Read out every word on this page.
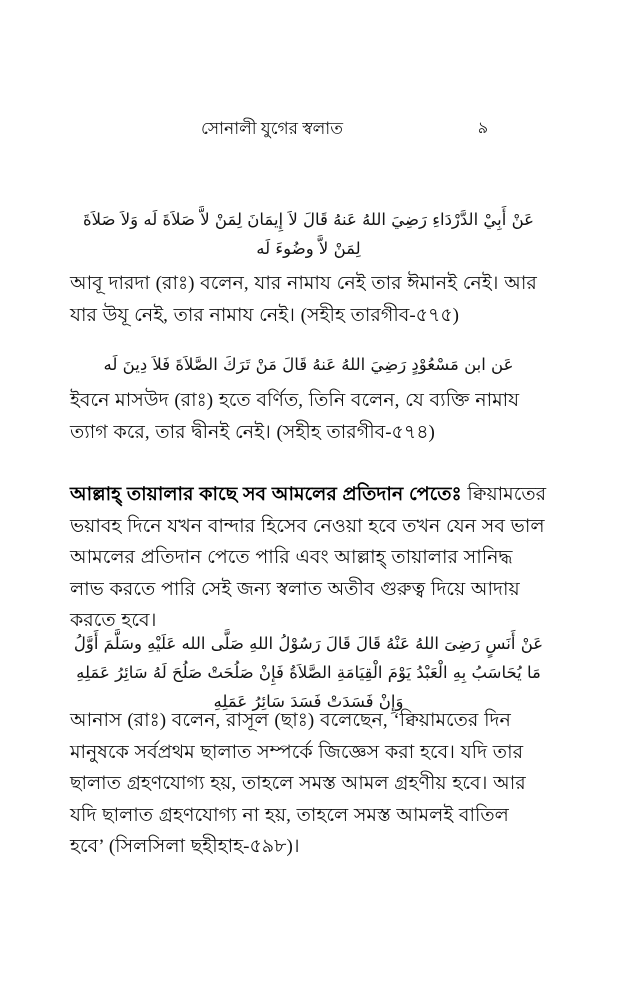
সোনালী যুগের স্বলাত	৯
عَنْ أَبِيْ الدَّرْدَاءِ رَضِيَ اللهُ عَنهُ قَالَ لاَ إِيمَانَ لِمَنْ لاَّ صَلاَةَ لَه وَلاَ صَلاَةَ لِمَنْ لاَّ وضُوءَ لَه
আবূ দারদা (রাঃ) বলেন, যার নামায নেই তার ঈমানই নেই। আর যার উযূ নেই, তার নামায নেই। (সহীহ তারগীব-৫৭৫)
عَن ابن مَسْعُوْدٍ رَضِيَ اللهُ عَنهُ قَالَ مَنْ تَرَكَ الصَّلاَةَ فَلاَ دِينَ لَه
ইবনে মাসউদ (রাঃ) হতে বর্ণিত, তিনি বলেন, যে ব্যক্তি নামায ত্যাগ করে, তার দ্বীনই নেই। (সহীহ তারগীব-৫৭৪)
আল্লাহ্‌ তায়ালার কাছে সব আমলের প্রতিদান পেতেঃ ক্বিয়ামতের ভয়াবহ দিনে যখন বান্দার হিসেব নেওয়া হবে তখন যেন সব ভাল আমলের প্রতিদান পেতে পারি এবং আল্লাহ্‌ তায়ালার সানিদ্ধ লাভ করতে পারি সেই জন্য স্বলাত অতীব গুরুত্ব দিয়ে আদায় করতে হবে।
عَنْ أَنَسٍ رَضِىَ اللهُ عَنْهُ قَالَ قَالَ رَسُوْلُ اللهِ صَلَّى الله عَلَيْهِ وسَلَّمَ أَوَّلُ مَا يُحَاسَبُ بِهِ الْعَبْدُ يَوْمَ الْقِيَامَةِ الصَّلاَةُ فَإِنْ صَلُحَتْ صَلُحَ لَهُ سَائِرُ عَمَلِهِ وَإِنْ فَسَدَتْ فَسَدَ سَائِرُ عَمَلِهِ
আনাস (রাঃ) বলেন, রাসূল (ছাঃ) বলেছেন, ‘ক্বিয়ামতের দিন মানুষকে সর্বপ্রথম ছালাত সম্পর্কে জিজ্ঞেস করা হবে। যদি তার ছালাত গ্রহণযোগ্য হয়, তাহলে সমস্ত আমল গ্রহণীয় হবে। আর যদি ছালাত গ্রহণযোগ্য না হয়, তাহলে সমস্ত আমলই বাতিল হবে’ (সিলসিলা ছহীহাহ-৫৯৮)।
